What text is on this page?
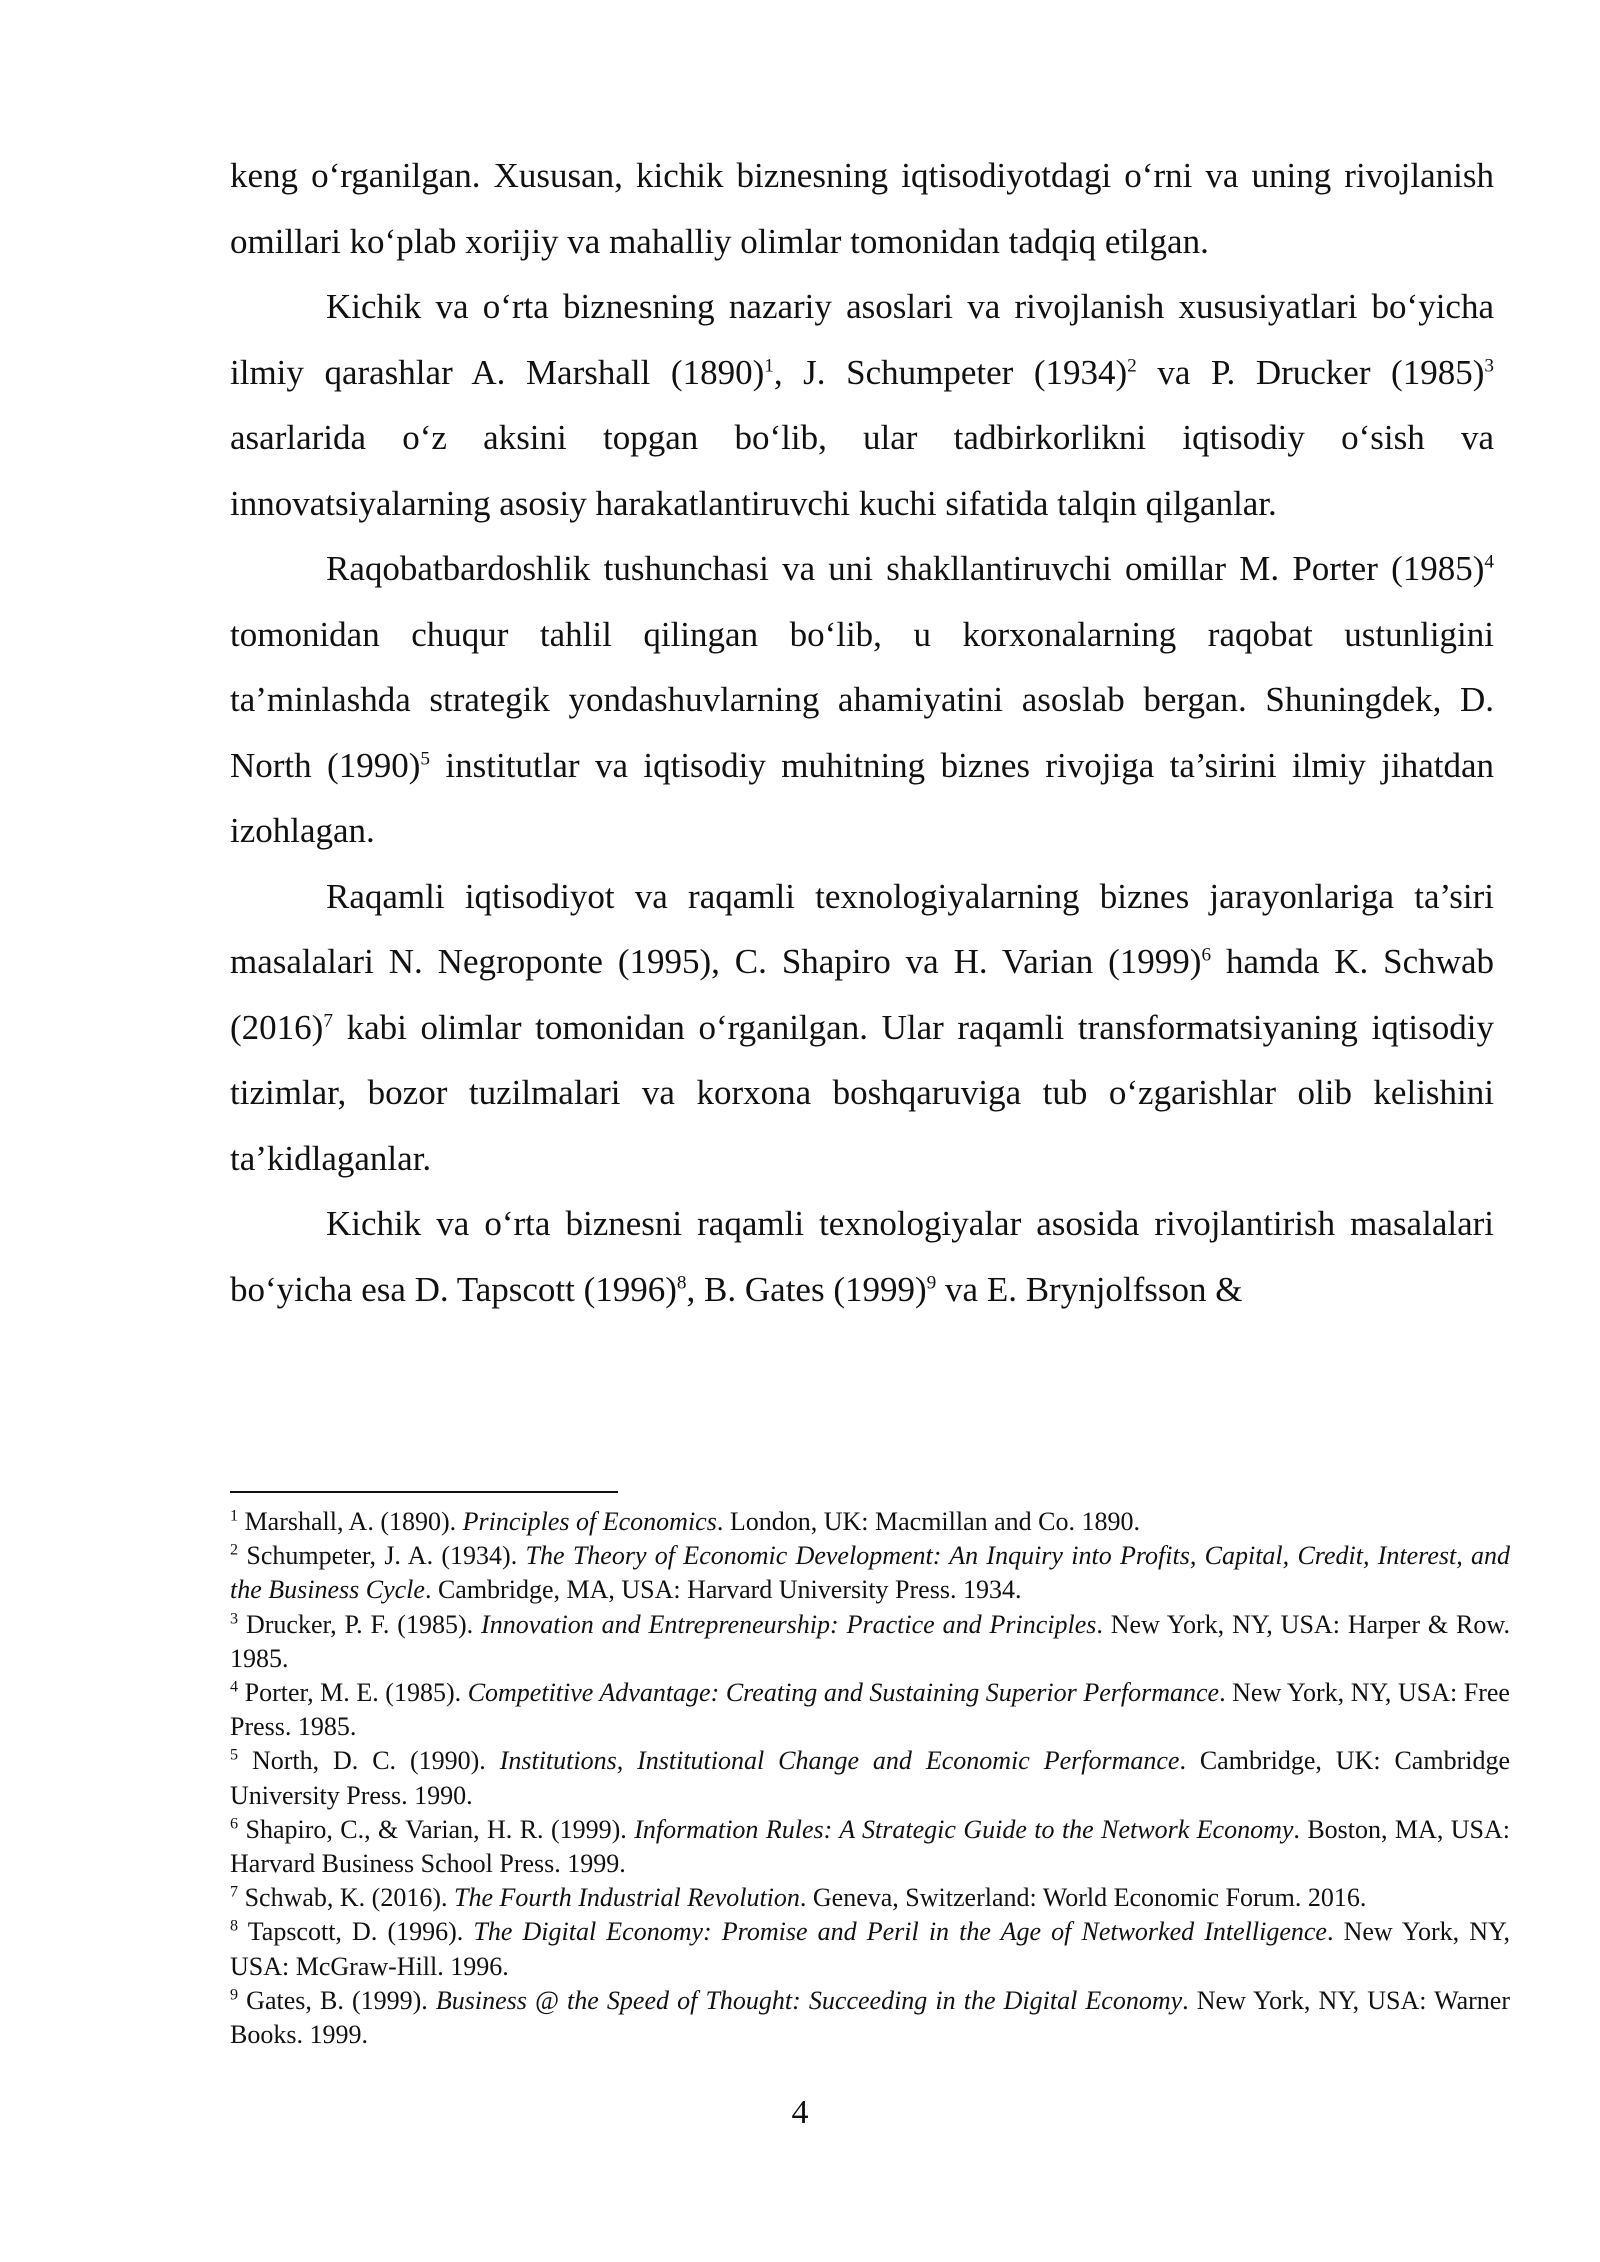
keng o‘rganilgan. Xususan, kichik biznesning iqtisodiyotdagi o‘rni va uning rivojlanish omillari ko‘plab xorijiy va mahalliy olimlar tomonidan tadqiq etilgan.

Kichik va o‘rta biznesning nazariy asoslari va rivojlanish xususiyatlari bo‘yicha ilmiy qarashlar A. Marshall (1890)$^1$, J. Schumpeter (1934)$^2$ va P. Drucker (1985)$^3$ asarlarida o‘z aksini topgan bo‘lib, ular tadbirkorlikni iqtisodiy o‘sish va innovatsiyalarning asosiy harakatlantiruvchi kuchi sifatida talqin qilganlar.

Raqobatbardoshlik tushunchasi va uni shakllantiruvchi omillar M. Porter (1985)$^4$ tomonidan chuqur tahlil qilingan bo‘lib, u korxonalarning raqobat ustunligini ta’minlashda strategik yondashuvlarning ahamiyatini asoslab bergan. Shuningdek, D. North (1990)$^5$ institutlar va iqtisodiy muhitning biznes rivojiga ta’sirini ilmiy jihatdan izohlagan.

Raqamli iqtisodiyot va raqamli texnologiyalarning biznes jarayonlariga ta’siri masalalari N. Negroponte (1995), C. Shapiro va H. Varian (1999)$^6$ hamda K. Schwab (2016)$^7$ kabi olimlar tomonidan o‘rganilgan. Ular raqamli transformatsiyaning iqtisodiy tizimlar, bozor tuzilmalari va korxona boshqaruviga tub o‘zgarishlar olib kelishini ta’kidlaganlar.

Kichik va o‘rta biznesni raqamli texnologiyalar asosida rivojlantirish masalalari bo‘yicha esa D. Tapscott (1996)$^8$, B. Gates (1999)$^9$ va E. Brynjolfsson &

$^1$ Marshall, A. (1890). Principles of Economics. London, UK: Macmillan and Co. 1890.

$^2$ Schumpeter, J. A. (1934). The Theory of Economic Development: An Inquiry into Profits, Capital, Credit, Interest, and the Business Cycle. Cambridge, MA, USA: Harvard University Press. 1934.

$^3$ Drucker, P. F. (1985). Innovation and Entrepreneurship: Practice and Principles. New York, NY, USA: Harper & Row. 1985.

$^4$ Porter, M. E. (1985). Competitive Advantage: Creating and Sustaining Superior Performance. New York, NY, USA: Free Press. 1985.

$^5$ North, D. C. (1990). Institutions, Institutional Change and Economic Performance. Cambridge, UK: Cambridge University Press. 1990.

$^6$ Shapiro, C., & Varian, H. R. (1999). Information Rules: A Strategic Guide to the Network Economy. Boston, MA, USA: Harvard Business School Press. 1999.

$^7$ Schwab, K. (2016). The Fourth Industrial Revolution. Geneva, Switzerland: World Economic Forum. 2016.

$^8$ Tapscott, D. (1996). The Digital Economy: Promise and Peril in the Age of Networked Intelligence. New York, NY, USA: McGraw-Hill. 1996.

$^9$ Gates, B. (1999). Business @ the Speed of Thought: Succeeding in the Digital Economy. New York, NY, USA: Warner Books. 1999.

4
